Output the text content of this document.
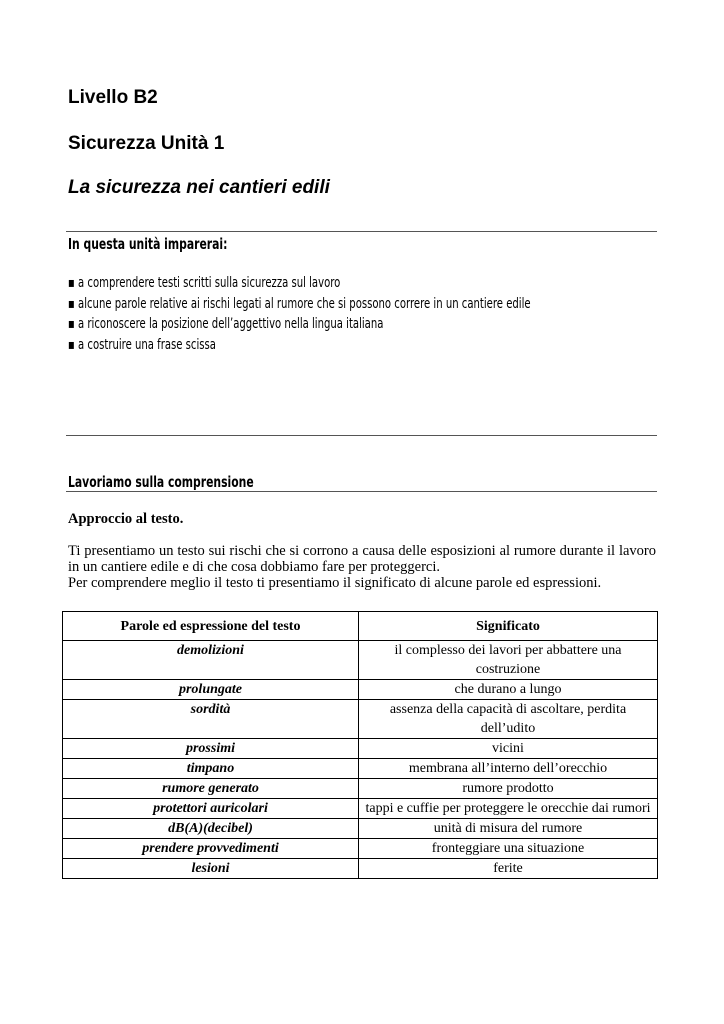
Livello B2
Sicurezza Unità 1
La sicurezza nei cantieri edili
In questa unità imparerai:
▪ a comprendere testi scritti sulla sicurezza sul lavoro
▪ alcune parole relative ai rischi legati al rumore che si possono correre in un cantiere edile
▪ a riconoscere la posizione dell’aggettivo nella lingua italiana
▪ a costruire una frase scissa
Lavoriamo sulla comprensione
Approccio al testo.
Ti presentiamo un testo sui rischi che si corrono a causa delle esposizioni al rumore durante il lavoro in un cantiere edile e di che cosa dobbiamo fare per proteggerci.
Per comprendere meglio il testo ti presentiamo il significato di alcune parole ed espressioni.
Parole ed espressione del testo	Significato
demolizioni	il complesso dei lavori per abbattere una costruzione
prolungate	che durano a lungo
sordità	assenza della capacità di ascoltare, perdita dell’udito
prossimi	vicini
timpano	membrana all’interno dell’orecchio
rumore generato	rumore prodotto
protettori auricolari	tappi e cuffie per proteggere le orecchie dai rumori
dB(A)(decibel)	unità di misura del rumore
prendere provvedimenti	fronteggiare una situazione
lesioni	ferite
